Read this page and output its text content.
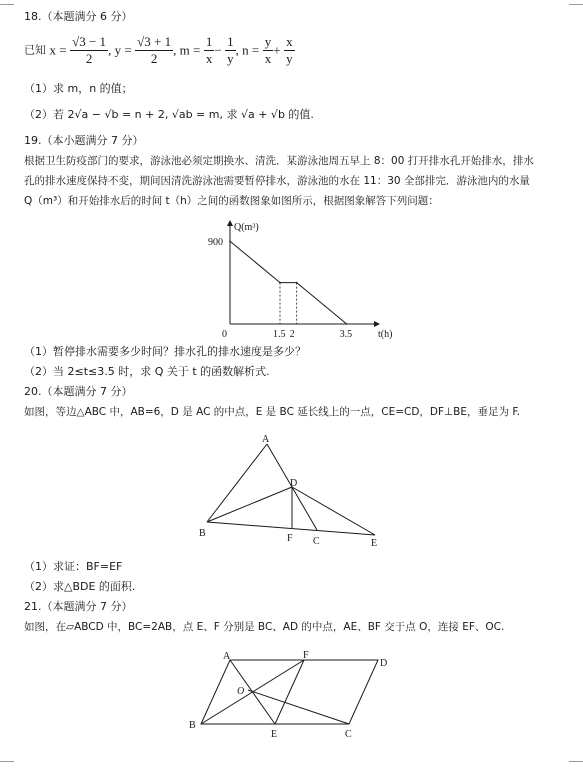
18.（本题满分 6 分）
已知 $x = \frac{√3 - 1}{2}$ , $y = \frac{√3 + 1}{2}$ , $m = \frac{1}{x} - \frac{1}{y}$ , $n = \frac{y}{x} + \frac{x}{y}$
（1）求 m，n 的值；
（2）若 2√a − √b = n + 2, √ab = m, 求 √a + √b 的值.
19.（本小题满分 7 分）
根据卫生防疫部门的要求，游泳池必须定期换水、清洗．某游泳池周五早上 8：00 打开排水孔开始排水，排水
孔的排水速度保持不变，期间因清洗游泳池需要暂停排水，游泳池的水在 11：30 全部排完．游泳池内的水量
Q（m³）和开始排水后的时间 t（h）之间的函数图象如图所示，根据图象解答下列问题：
Q(m³)
t(h)
0	1.5 2	3.5
900
（1）暂停排水需要多少时间？排水孔的排水速度是多少？
（2）当 2≤t≤3.5 时，求 Q 关于 t 的函数解析式.
20.（本题满分 7 分）
如图，等边△ABC 中，AB=6，D 是 AC 的中点，E 是 BC 延长线上的一点，CE=CD，DF⊥BE，垂足为 F.
A
B
C
D
E
F
（1）求证：BF=EF
（2）求△BDE 的面积.
21.（本题满分 7 分）
如图，在▱ABCD 中，BC=2AB，点 E、F 分别是 BC、AD 的中点，AE、BF 交于点 O，连接 EF、OC.
A	F
D
O
B
E	C
